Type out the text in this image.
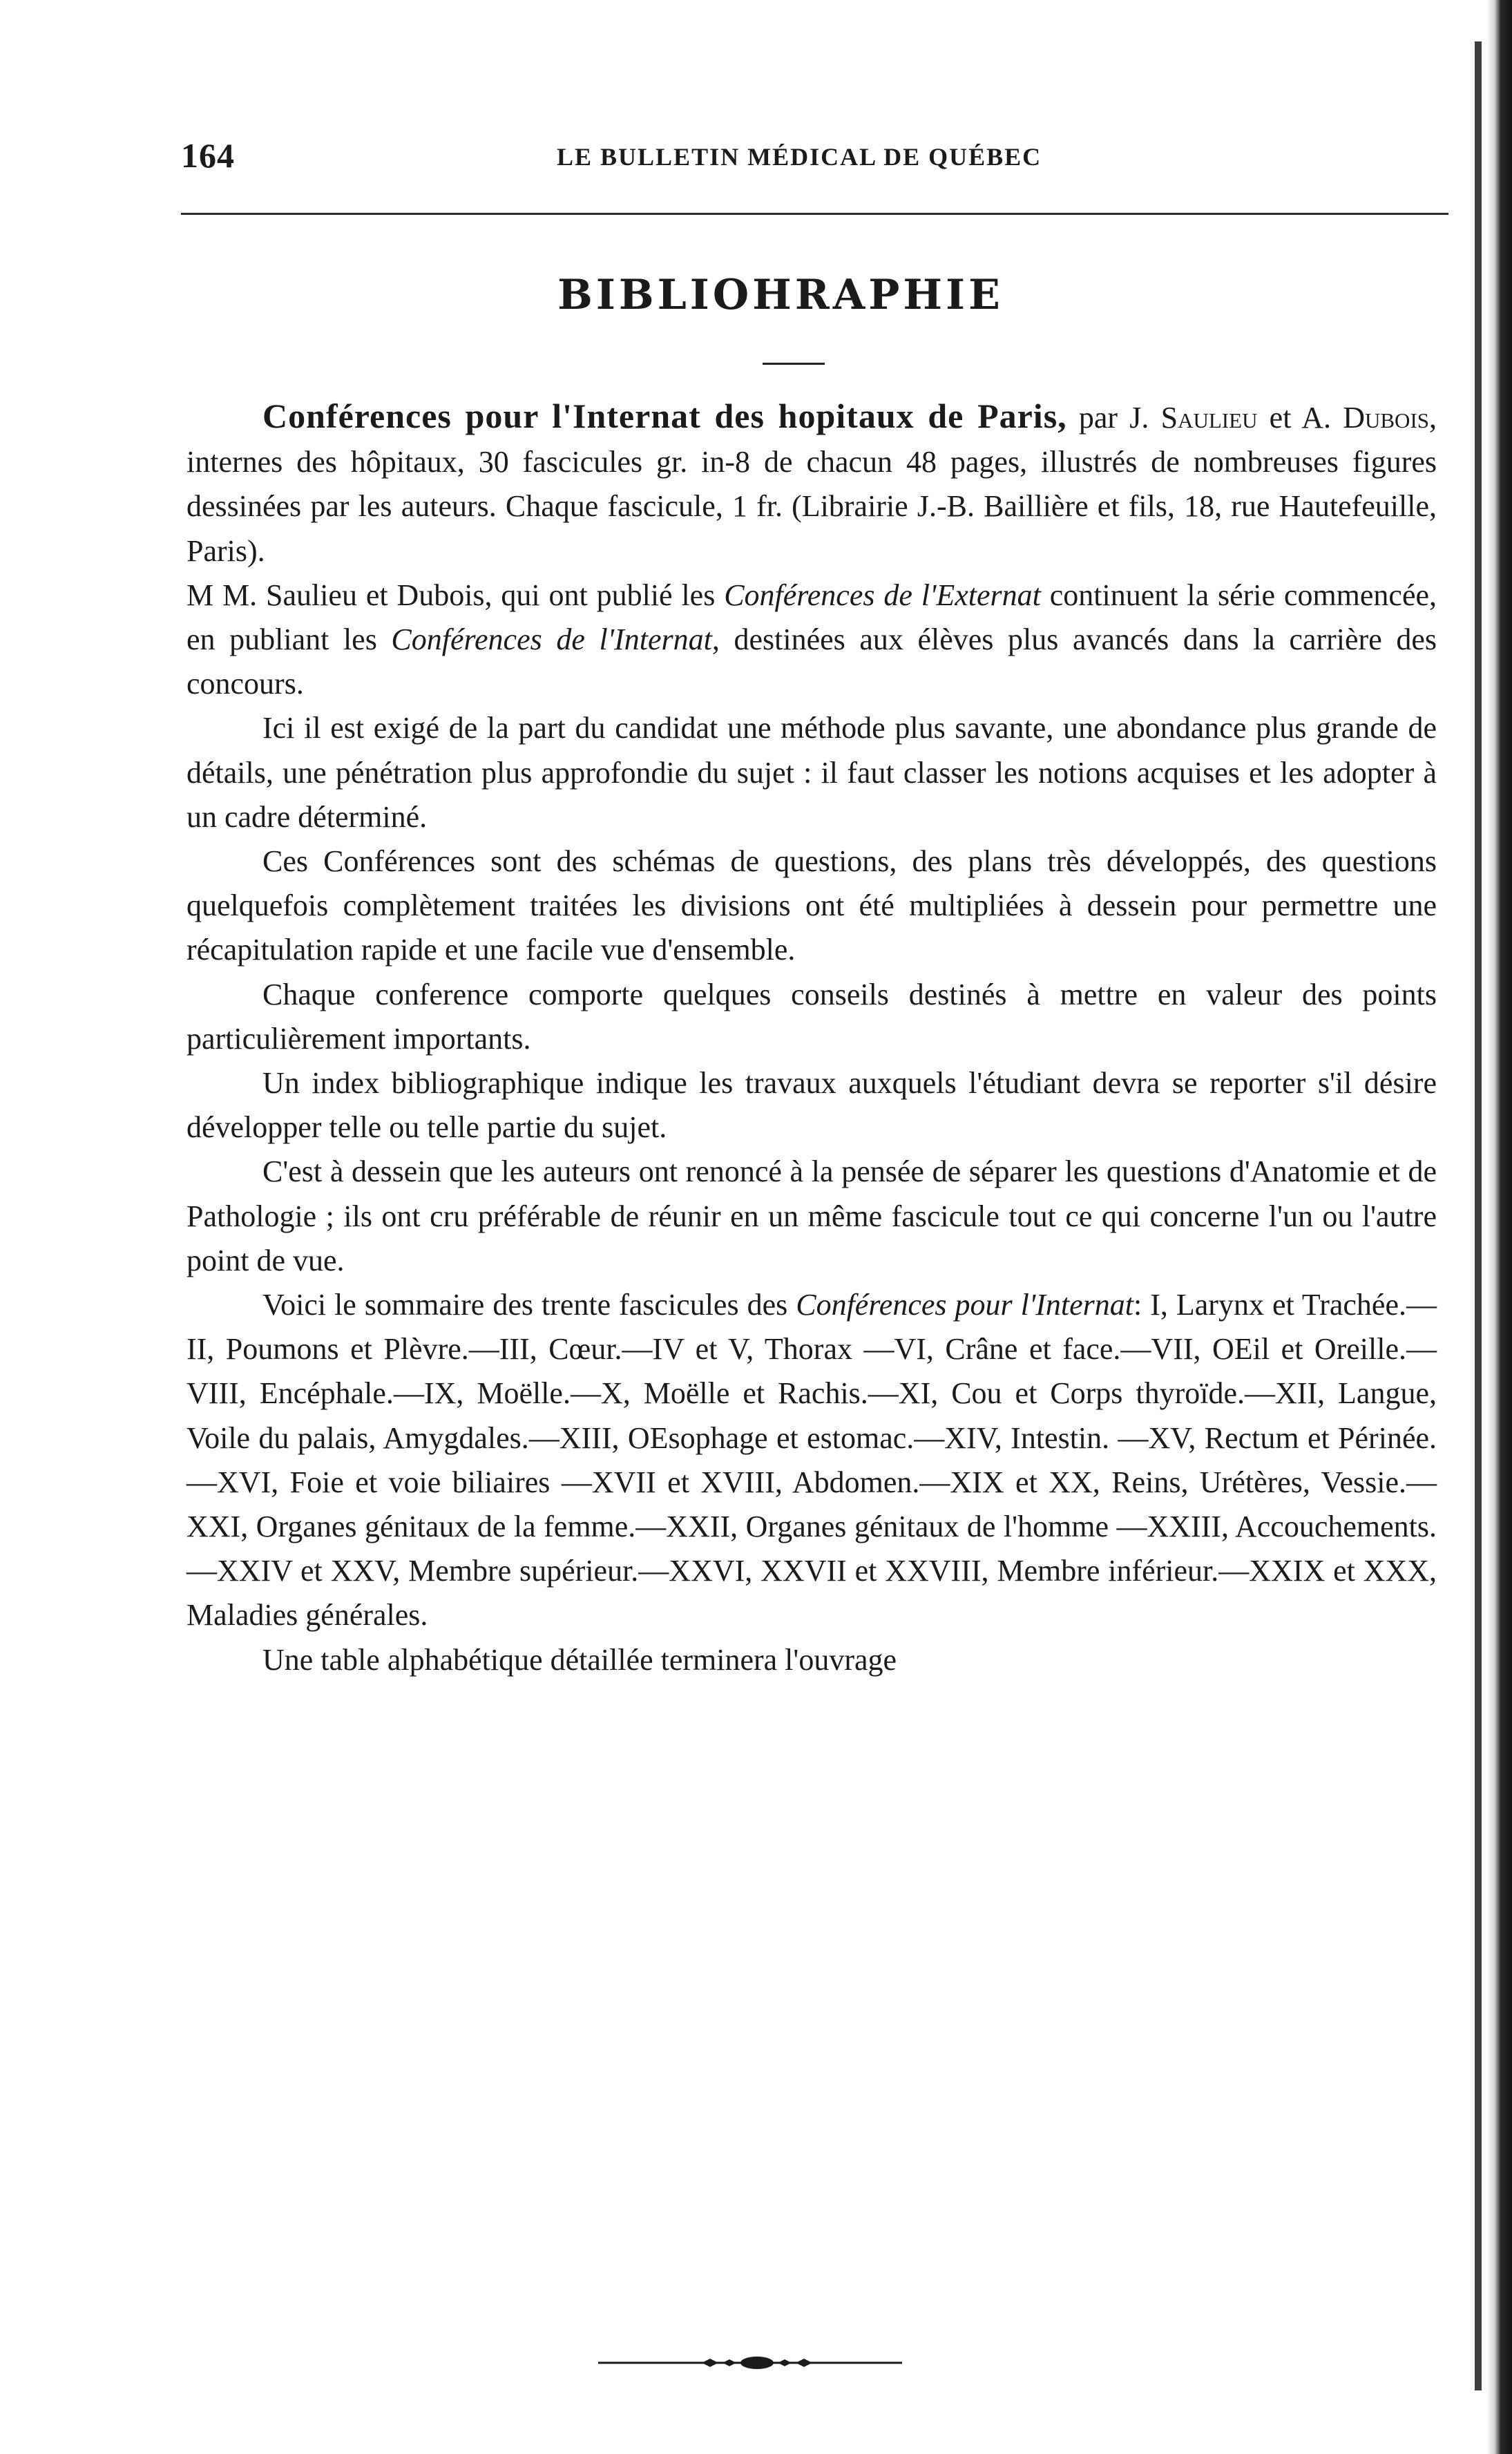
164	LE BULLETIN MÉDICAL DE QUÉBEC
BIBLIOHRAPHIE

Conférences pour l'Internat des hopitaux de Paris, par J. Saulieu et A. Dubois, internes des hôpitaux, 30 fascicules gr. in-8 de chacun 48 pages, illustrés de nombreuses figures dessinées par les auteurs. Chaque fascicule, 1 fr. (Librairie J.-B. Baillière et fils, 18, rue Hautefeuille, Paris).

M M. Saulieu et Dubois, qui ont publié les Conférences de l'Externat continuent la série commencée, en publiant les Conférences de l'Internat, destinées aux élèves plus avancés dans la carrière des concours.

Ici il est exigé de la part du candidat une méthode plus savante, une abondance plus grande de détails, une pénétration plus approfondie du sujet : il faut classer les notions acquises et les adopter à un cadre déterminé.

Ces Conférences sont des schémas de questions, des plans très développés, des questions quelquefois complètement traitées les divisions ont été multipliées à dessein pour permettre une récapitulation rapide et une facile vue d'ensemble.

Chaque conference comporte quelques conseils destinés à mettre en valeur des points particulièrement importants.

Un index bibliographique indique les travaux auxquels l'étudiant devra se reporter s'il désire développer telle ou telle partie du sujet.

C'est à dessein que les auteurs ont renoncé à la pensée de séparer les questions d'Anatomie et de Pathologie ; ils ont cru préférable de réunir en un même fascicule tout ce qui concerne l'un ou l'autre point de vue.

Voici le sommaire des trente fascicules des Conférences pour l'Internat: I, Larynx et Trachée.—II, Poumons et Plèvre.—III, Cœur.—IV et V, Thorax —VI, Crâne et face.—VII, OEil et Oreille.—VIII, Encéphale.—IX, Moëlle.—X, Moëlle et Rachis.—XI, Cou et Corps thyroïde.—XII, Langue, Voile du palais, Amygdales.—XIII, OEsophage et estomac.—XIV, Intestin. —XV, Rectum et Périnée.—XVI, Foie et voie biliaires —XVII et XVIII, Abdomen.—XIX et XX, Reins, Urétères, Vessie.—XXI, Organes génitaux de la femme.—XXII, Organes génitaux de l'homme —XXIII, Accouchements.—XXIV et XXV, Membre supérieur.—XXVI, XXVII et XXVIII, Membre inférieur.—XXIX et XXX, Maladies générales.

Une table alphabétique détaillée terminera l'ouvrage
